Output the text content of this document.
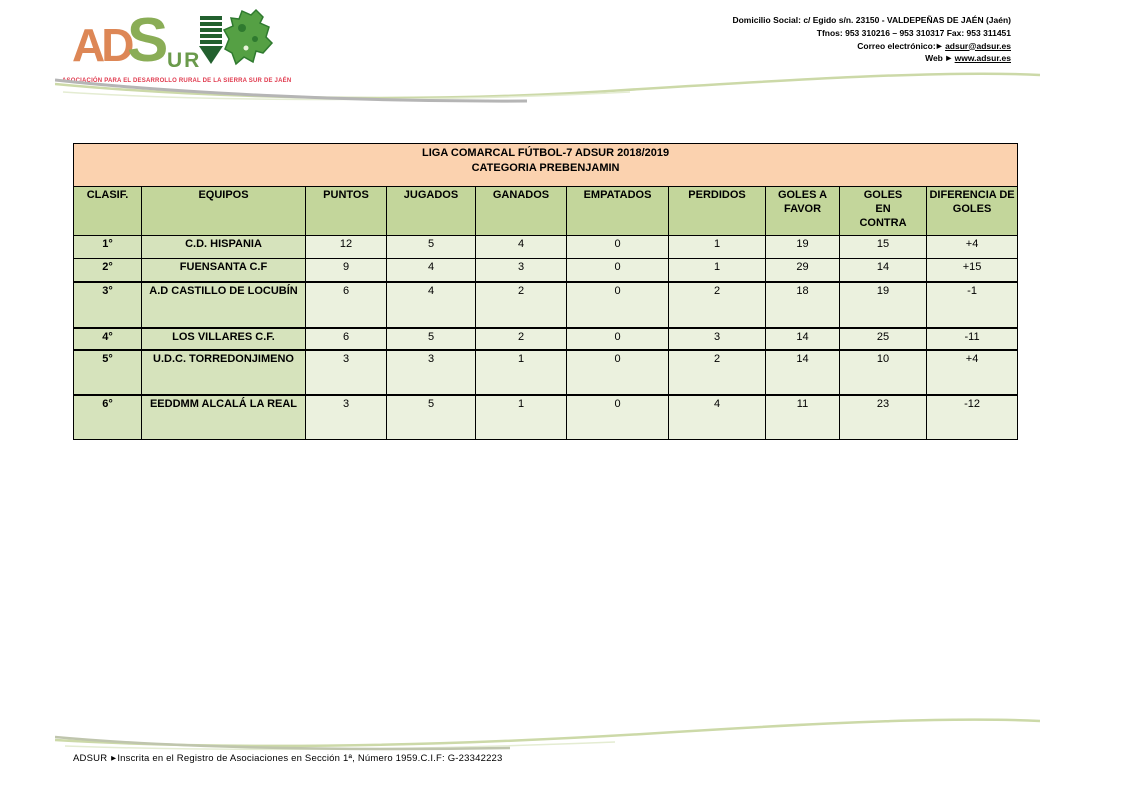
AD
S
UR
ASOCIACIÓN PARA EL DESARROLLO RURAL DE LA SIERRA SUR DE JAÉN
Domicilio Social: c/ Egido s/n. 23150 - VALDEPEÑAS DE JAÉN (Jaén)
Tfnos: 953 310216 – 953 310317 Fax: 953 311451
Correo electrónico:▶ adsur@adsur.es
Web ▶ www.adsur.es
LIGA COMARCAL FÚTBOL-7 ADSUR 2018/2019
CATEGORIA PREBENJAMIN									

CLASIF.	EQUIPOS	PUNTOS	JUGADOS	GANADOS	EMPATADOS	PERDIDOS	GOLES A FAVOR	GOLES EN CONTRA	DIFERENCIA DE GOLES
1°	C.D. HISPANIA	12	5	4	0	1	19	15	+4
2°	FUENSANTA C.F	9	4	3	0	1	29	14	+15
3°	A.D CASTILLO DE LOCUBÍN	6	4	2	0	2	18	19	-1
4°	LOS VILLARES C.F.	6	5	2	0	3	14	25	-11
5°	U.D.C. TORREDONJIMENO	3	3	1	0	2	14	10	+4
6°	EEDDMM ALCALÁ LA REAL	3	5	1	0	4	11	23	-12
ADSUR ▶Inscrita en el Registro de Asociaciones en Sección 1ª, Número 1959.C.I.F: G-23342223
